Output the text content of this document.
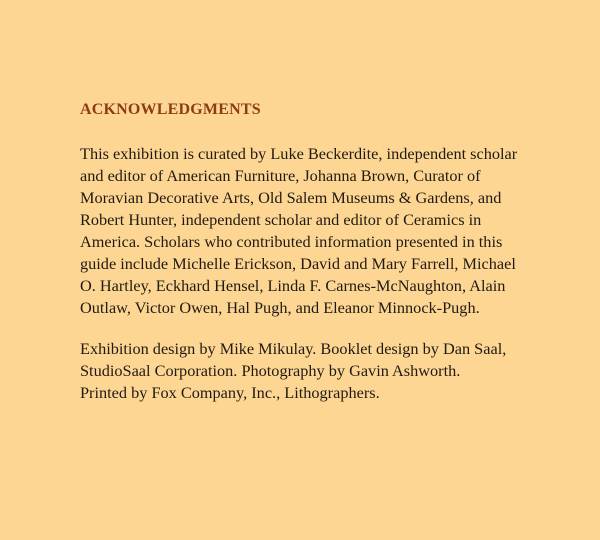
ACKNOWLEDGMENTS

This exhibition is curated by Luke Beckerdite, independent scholar
and editor of American Furniture, Johanna Brown, Curator of
Moravian Decorative Arts, Old Salem Museums & Gardens, and
Robert Hunter, independent scholar and editor of Ceramics in
America. Scholars who contributed information presented in this
guide include Michelle Erickson, David and Mary Farrell, Michael
O. Hartley, Eckhard Hensel, Linda F. Carnes-McNaughton, Alain
Outlaw, Victor Owen, Hal Pugh, and Eleanor Minnock-Pugh.

Exhibition design by Mike Mikulay. Booklet design by Dan Saal,
StudioSaal Corporation. Photography by Gavin Ashworth.
Printed by Fox Company, Inc., Lithographers.
